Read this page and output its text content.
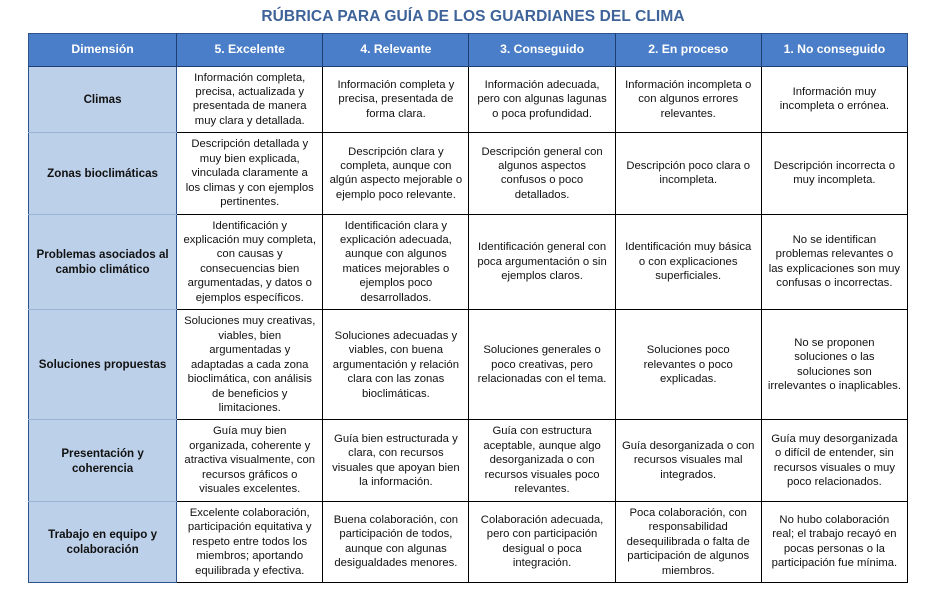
RÚBRICA PARA GUÍA DE LOS GUARDIANES DEL CLIMA
Dimensión	5. Excelente	4. Relevante	3. Conseguido	2. En proceso	1. No conseguido
Climas	Información completa, precisa, actualizada y presentada de manera muy clara y detallada.	Información completa y precisa, presentada de forma clara.	Información adecuada, pero con algunas lagunas o poca profundidad.	Información incompleta o con algunos errores relevantes.	Información muy incompleta o errónea.
Zonas bioclimáticas	Descripción detallada y muy bien explicada, vinculada claramente a los climas y con ejemplos pertinentes.	Descripción clara y completa, aunque con algún aspecto mejorable o ejemplo poco relevante.	Descripción general con algunos aspectos confusos o poco detallados.	Descripción poco clara o incompleta.	Descripción incorrecta o muy incompleta.
Problemas asociados al cambio climático	Identificación y explicación muy completa, con causas y consecuencias bien argumentadas, y datos o ejemplos específicos.	Identificación clara y explicación adecuada, aunque con algunos matices mejorables o ejemplos poco desarrollados.	Identificación general con poca argumentación o sin ejemplos claros.	Identificación muy básica o con explicaciones superficiales.	No se identifican problemas relevantes o las explicaciones son muy confusas o incorrectas.
Soluciones propuestas	Soluciones muy creativas, viables, bien argumentadas y adaptadas a cada zona bioclimática, con análisis de beneficios y limitaciones.	Soluciones adecuadas y viables, con buena argumentación y relación clara con las zonas bioclimáticas.	Soluciones generales o poco creativas, pero relacionadas con el tema.	Soluciones poco relevantes o poco explicadas.	No se proponen soluciones o las soluciones son irrelevantes o inaplicables.
Presentación y coherencia	Guía muy bien organizada, coherente y atractiva visualmente, con recursos gráficos o visuales excelentes.	Guía bien estructurada y clara, con recursos visuales que apoyan bien la información.	Guía con estructura aceptable, aunque algo desorganizada o con recursos visuales poco relevantes.	Guía desorganizada o con recursos visuales mal integrados.	Guía muy desorganizada o difícil de entender, sin recursos visuales o muy poco relacionados.
Trabajo en equipo y colaboración	Excelente colaboración, participación equitativa y respeto entre todos los miembros; aportando equilibrada y efectiva.	Buena colaboración, con participación de todos, aunque con algunas desigualdades menores.	Colaboración adecuada, pero con participación desigual o poca integración.	Poca colaboración, con responsabilidad desequilibrada o falta de participación de algunos miembros.	No hubo colaboración real; el trabajo recayó en pocas personas o la participación fue mínima.
